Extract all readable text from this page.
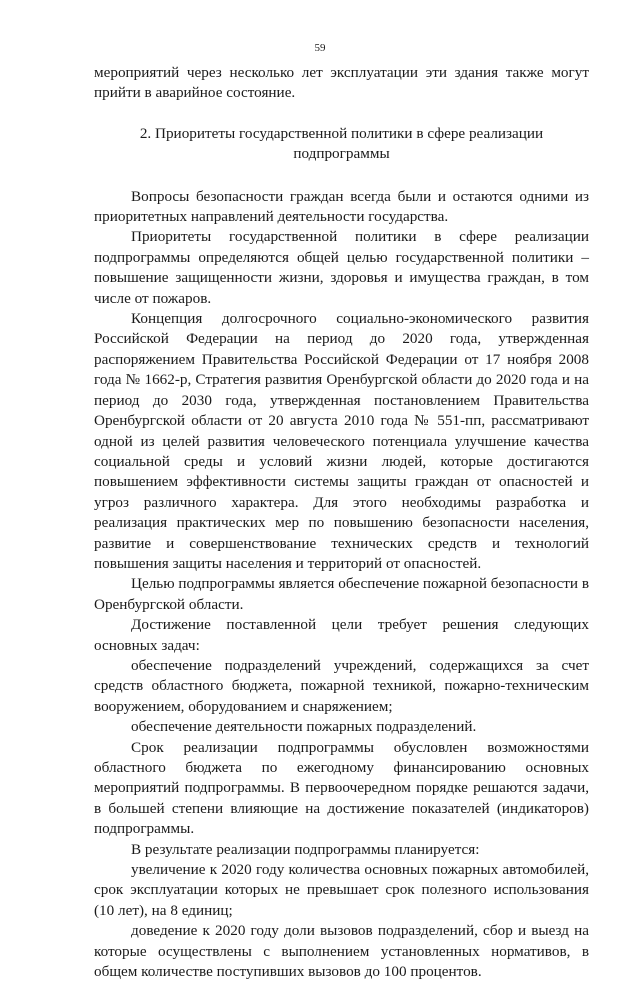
59

мероприятий через несколько лет эксплуатации эти здания также могут прийти в аварийное состояние.

2. Приоритеты государственной политики в сфере реализации подпрограммы

Вопросы безопасности граждан всегда были и остаются одними из приоритетных направлений деятельности государства.

Приоритеты государственной политики в сфере реализации подпрограммы определяются общей целью государственной политики – повышение защищенности жизни, здоровья и имущества граждан, в том числе от пожаров.

Концепция долгосрочного социально-экономического развития Российской Федерации на период до 2020 года, утвержденная распоряжением Правительства Российской Федерации от 17 ноября 2008 года № 1662-р, Стратегия развития Оренбургской области до 2020 года и на период до 2030 года, утвержденная постановлением Правительства Оренбургской области от 20 августа 2010 года № 551-пп, рассматривают одной из целей развития человеческого потенциала улучшение качества социальной среды и условий жизни людей, которые достигаются повышением эффективности системы защиты граждан от опасностей и угроз различного характера. Для этого необходимы разработка и реализация практических мер по повышению безопасности населения, развитие и совершенствование технических средств и технологий повышения защиты населения и территорий от опасностей.

Целью подпрограммы является обеспечение пожарной безопасности в Оренбургской области.

Достижение поставленной цели требует решения следующих основных задач:

обеспечение подразделений учреждений, содержащихся за счет средств областного бюджета, пожарной техникой, пожарно-техническим вооружением, оборудованием и снаряжением;

обеспечение деятельности пожарных подразделений.

Срок реализации подпрограммы обусловлен возможностями областного бюджета по ежегодному финансированию основных мероприятий подпрограммы. В первоочередном порядке решаются задачи, в большей степени влияющие на достижение показателей (индикаторов) подпрограммы.

В результате реализации подпрограммы планируется:

увеличение к 2020 году количества основных пожарных автомобилей, срок эксплуатации которых не превышает срок полезного использования (10 лет), на 8 единиц;

доведение к 2020 году доли вызовов подразделений, сбор и выезд на которые осуществлены с выполнением установленных нормативов, в общем количестве поступивших вызовов до 100 процентов.
